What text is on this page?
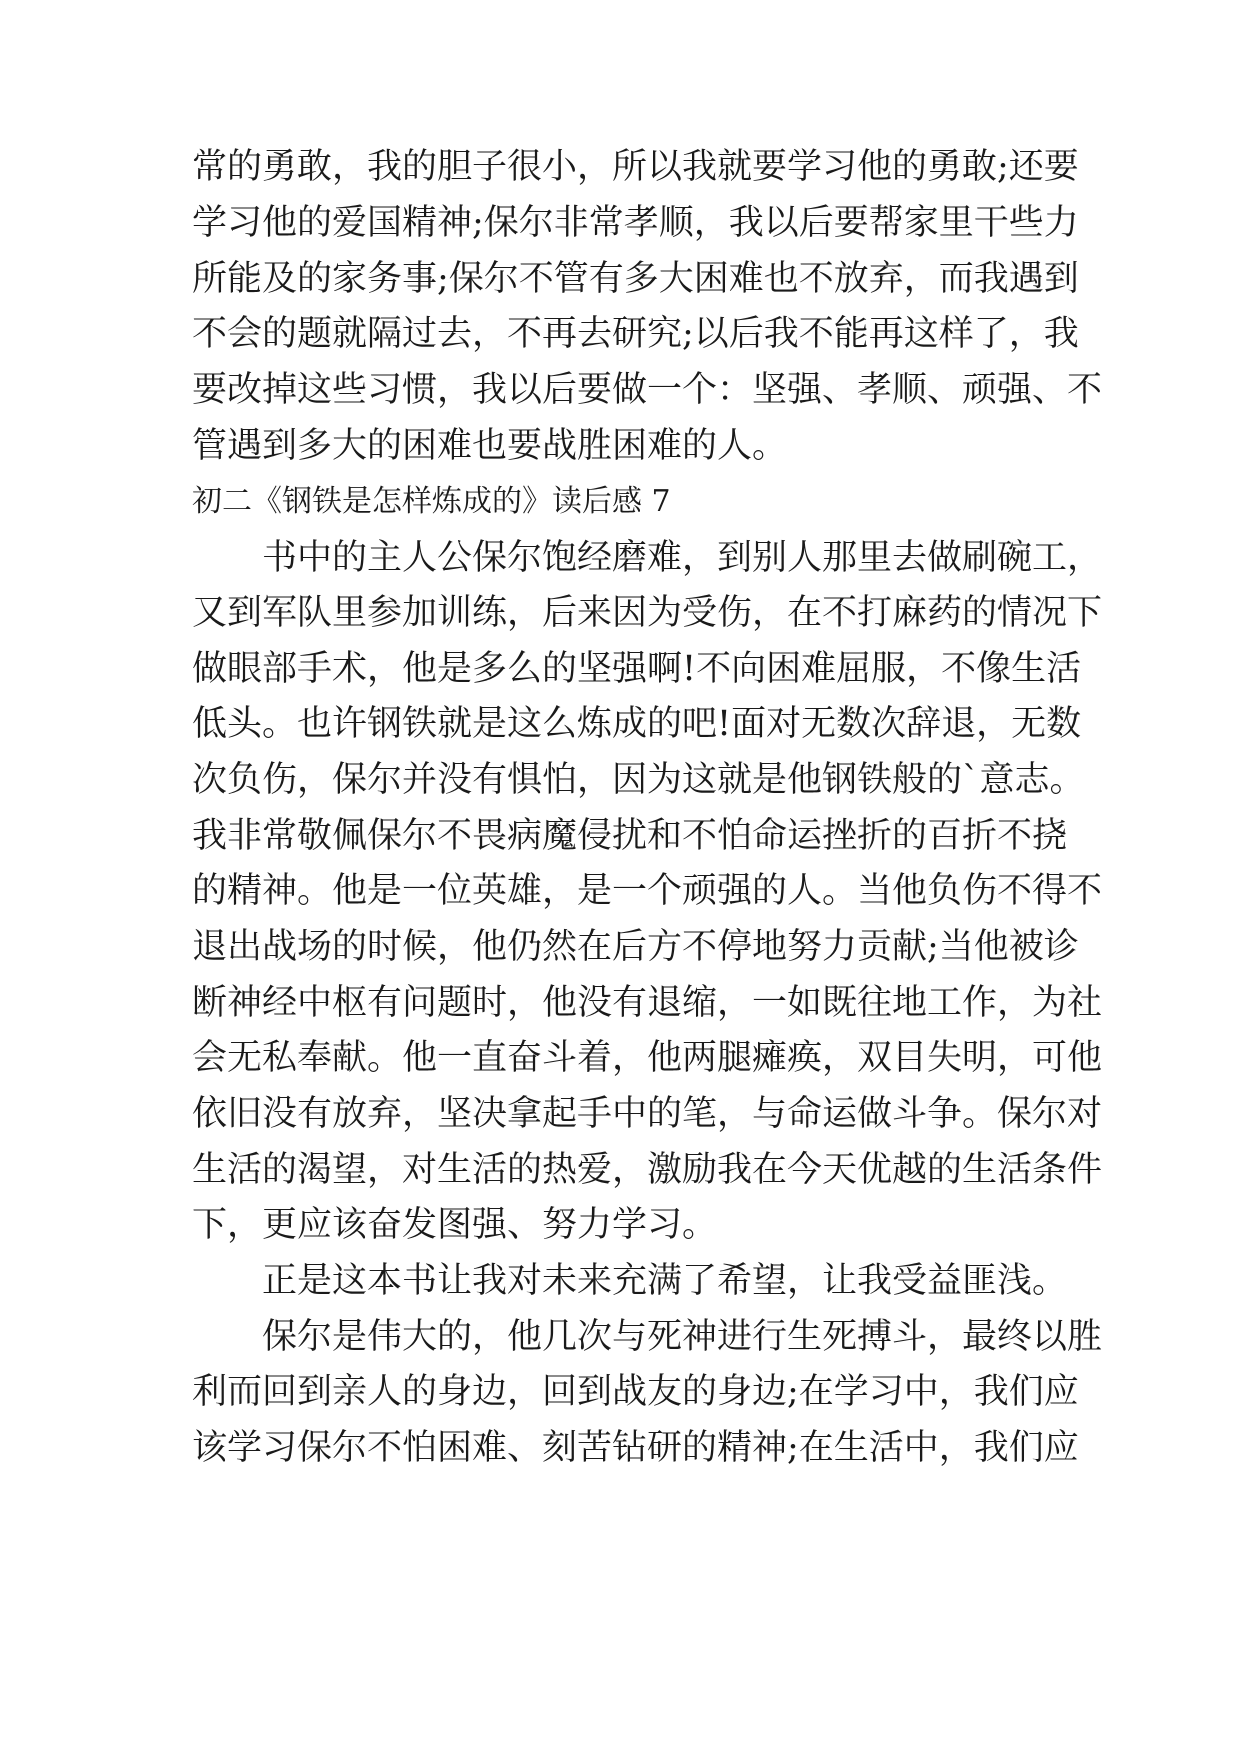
常的勇敢，我的胆子很小，所以我就要学习他的勇敢;还要
学习他的爱国精神;保尔非常孝顺，我以后要帮家里干些力
所能及的家务事;保尔不管有多大困难也不放弃，而我遇到
不会的题就隔过去，不再去研究;以后我不能再这样了，我
要改掉这些习惯，我以后要做一个：坚强、孝顺、顽强、不
管遇到多大的困难也要战胜困难的人。
初二《钢铁是怎样炼成的》读后感 7
书中的主人公保尔饱经磨难，到别人那里去做刷碗工，
又到军队里参加训练，后来因为受伤，在不打麻药的情况下
做眼部手术，他是多么的坚强啊!不向困难屈服，不像生活
低头。也许钢铁就是这么炼成的吧!面对无数次辞退，无数
次负伤，保尔并没有惧怕，因为这就是他钢铁般的`意志。
我非常敬佩保尔不畏病魔侵扰和不怕命运挫折的百折不挠
的精神。他是一位英雄，是一个顽强的人。当他负伤不得不
退出战场的时候，他仍然在后方不停地努力贡献;当他被诊
断神经中枢有问题时，他没有退缩，一如既往地工作，为社
会无私奉献。他一直奋斗着，他两腿瘫痪，双目失明，可他
依旧没有放弃，坚决拿起手中的笔，与命运做斗争。保尔对
生活的渴望，对生活的热爱，激励我在今天优越的生活条件
下，更应该奋发图强、努力学习。
正是这本书让我对未来充满了希望，让我受益匪浅。
保尔是伟大的，他几次与死神进行生死搏斗，最终以胜
利而回到亲人的身边，回到战友的身边;在学习中，我们应
该学习保尔不怕困难、刻苦钻研的精神;在生活中，我们应
